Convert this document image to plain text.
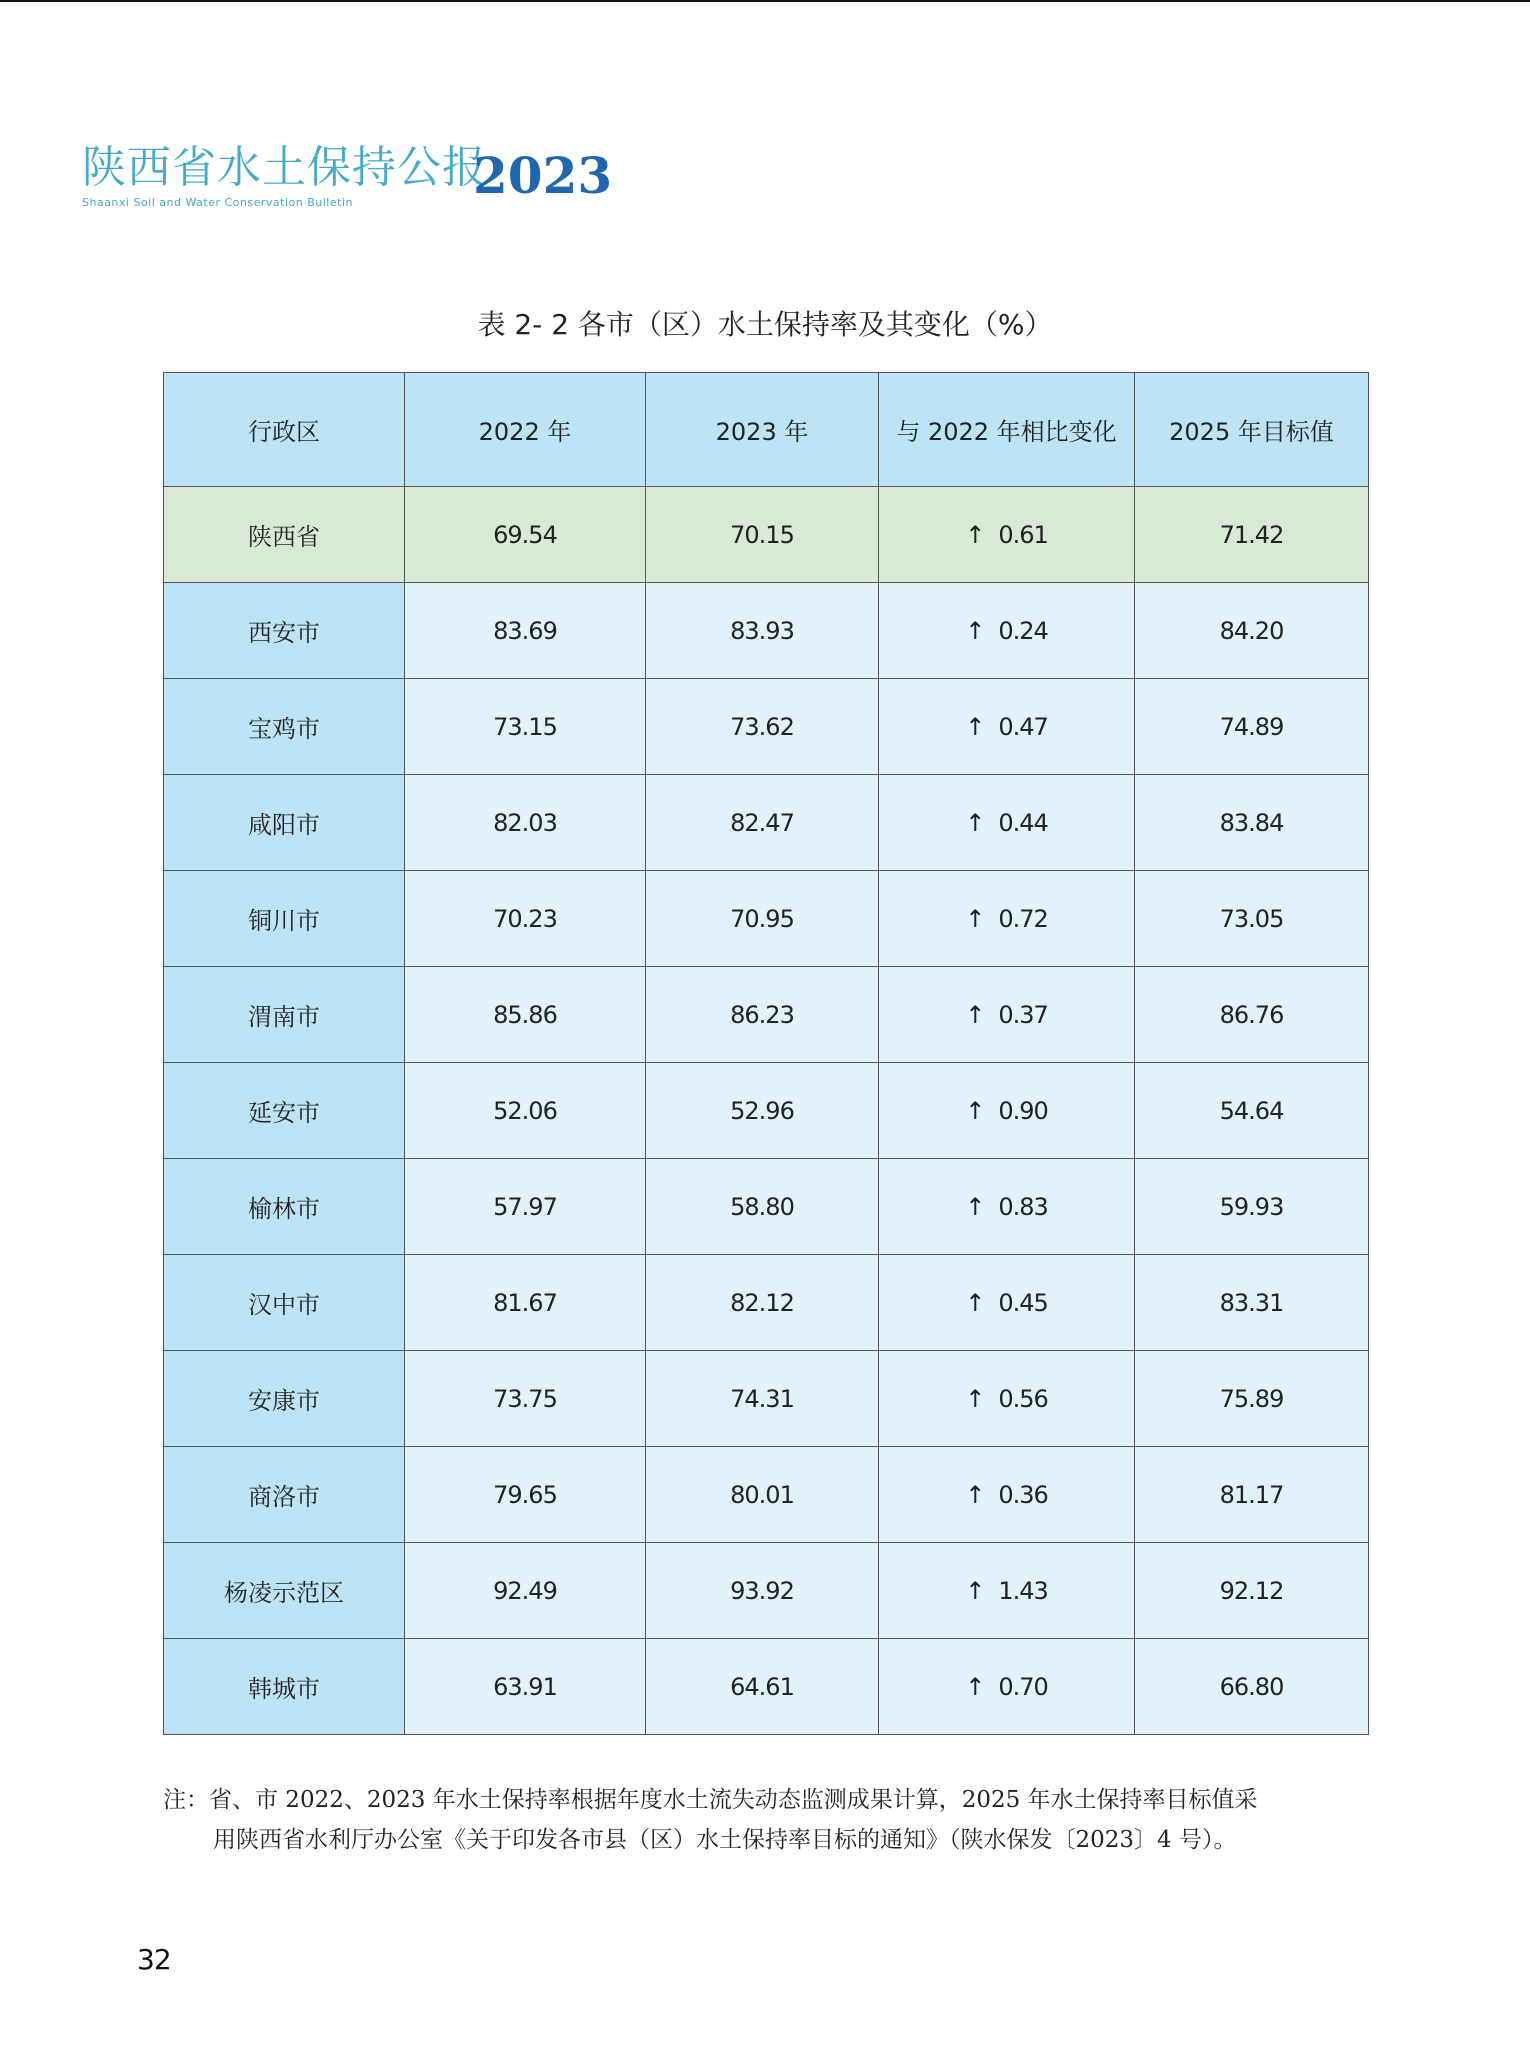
陕西省水土保持公报
Shaanxi Soil and Water Conservation Bulletin	2023
表 2- 2 各市（区）水土保持率及其变化（%）
行政区	2022 年	2023 年	与 2022 年相比变化	2025 年目标值
陕西省	69.54	70.15	↑ 0.61	71.42
西安市	83.69	83.93	↑ 0.24	84.20
宝鸡市	73.15	73.62	↑ 0.47	74.89
咸阳市	82.03	82.47	↑ 0.44	83.84
铜川市	70.23	70.95	↑ 0.72	73.05
渭南市	85.86	86.23	↑ 0.37	86.76
延安市	52.06	52.96	↑ 0.90	54.64
榆林市	57.97	58.80	↑ 0.83	59.93
汉中市	81.67	82.12	↑ 0.45	83.31
安康市	73.75	74.31	↑ 0.56	75.89
商洛市	79.65	80.01	↑ 0.36	81.17
杨凌示范区	92.49	93.92	↑ 1.43	92.12
韩城市	63.91	64.61	↑ 0.70	66.80
注：省、市 2022、2023 年水土保持率根据年度水土流失动态监测成果计算，2025 年水土保持率目标值采
用陕西省水利厅办公室《关于印发各市县（区）水土保持率目标的通知》（陕水保发〔2023〕4 号）。
32
